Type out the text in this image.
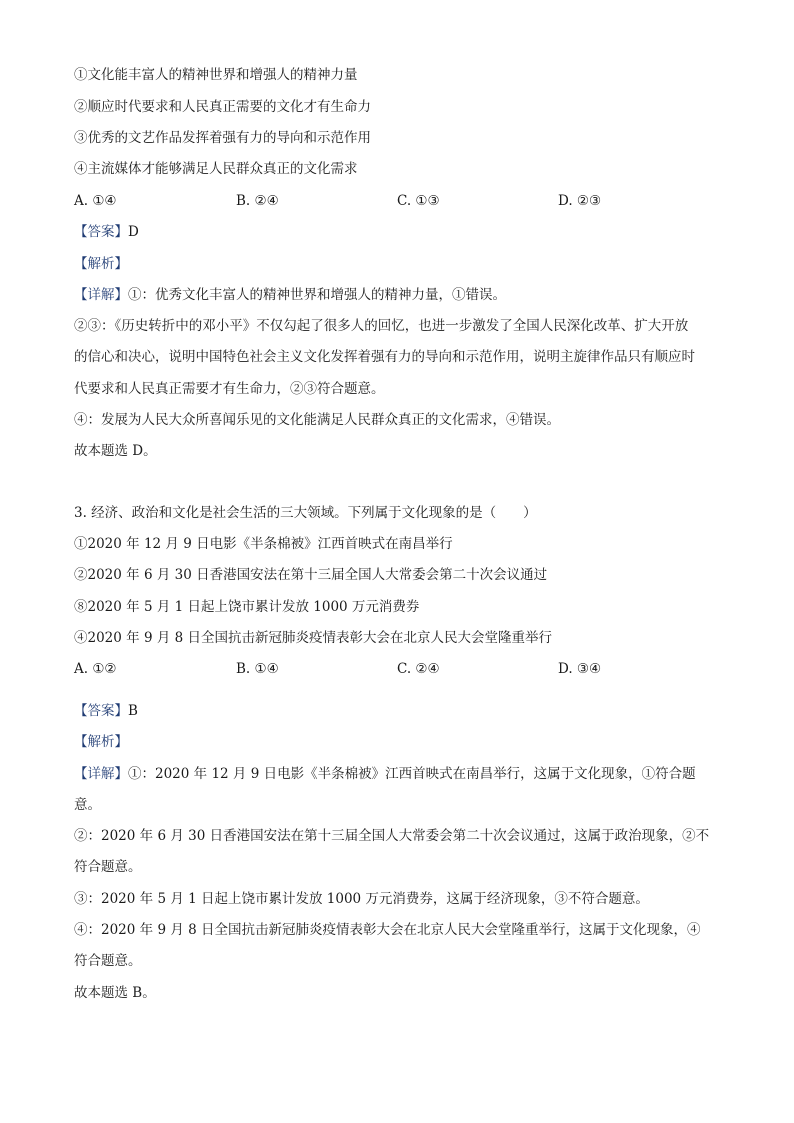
①文化能丰富人的精神世界和增强人的精神力量
②顺应时代要求和人民真正需要的文化才有生命力
③优秀的文艺作品发挥着强有力的导向和示范作用
④主流媒体才能够满足人民群众真正的文化需求
A. ①④	B. ②④	C. ①③	D. ②③
【答案】D
【解析】
【详解】①：优秀文化丰富人的精神世界和增强人的精神力量，①错误。
②③：《历史转折中的邓小平》不仅勾起了很多人的回忆，也进一步激发了全国人民深化改革、扩大开放
的信心和决心，说明中国特色社会主义文化发挥着强有力的导向和示范作用，说明主旋律作品只有顺应时
代要求和人民真正需要才有生命力，②③符合题意。
④：发展为人民大众所喜闻乐见的文化能满足人民群众真正的文化需求，④错误。
故本题选 D。
3. 经济、政治和文化是社会生活的三大领域。下列属于文化现象的是（　　）
①2020 年 12 月 9 日电影《半条棉被》江西首映式在南昌举行
②2020 年 6 月 30 日香港国安法在第十三届全国人大常委会第二十次会议通过
⑧2020 年 5 月 1 日起上饶市累计发放 1000 万元消费券
④2020 年 9 月 8 日全国抗击新冠肺炎疫情表彰大会在北京人民大会堂隆重举行
A. ①②	B. ①④	C. ②④	D. ③④
【答案】B
【解析】
【详解】①：2020 年 12 月 9 日电影《半条棉被》江西首映式在南昌举行，这属于文化现象，①符合题
意。
②：2020 年 6 月 30 日香港国安法在第十三届全国人大常委会第二十次会议通过，这属于政治现象，②不
符合题意。
③：2020 年 5 月 1 日起上饶市累计发放 1000 万元消费券，这属于经济现象，③不符合题意。
④：2020 年 9 月 8 日全国抗击新冠肺炎疫情表彰大会在北京人民大会堂隆重举行，这属于文化现象，④
符合题意。
故本题选 B。
